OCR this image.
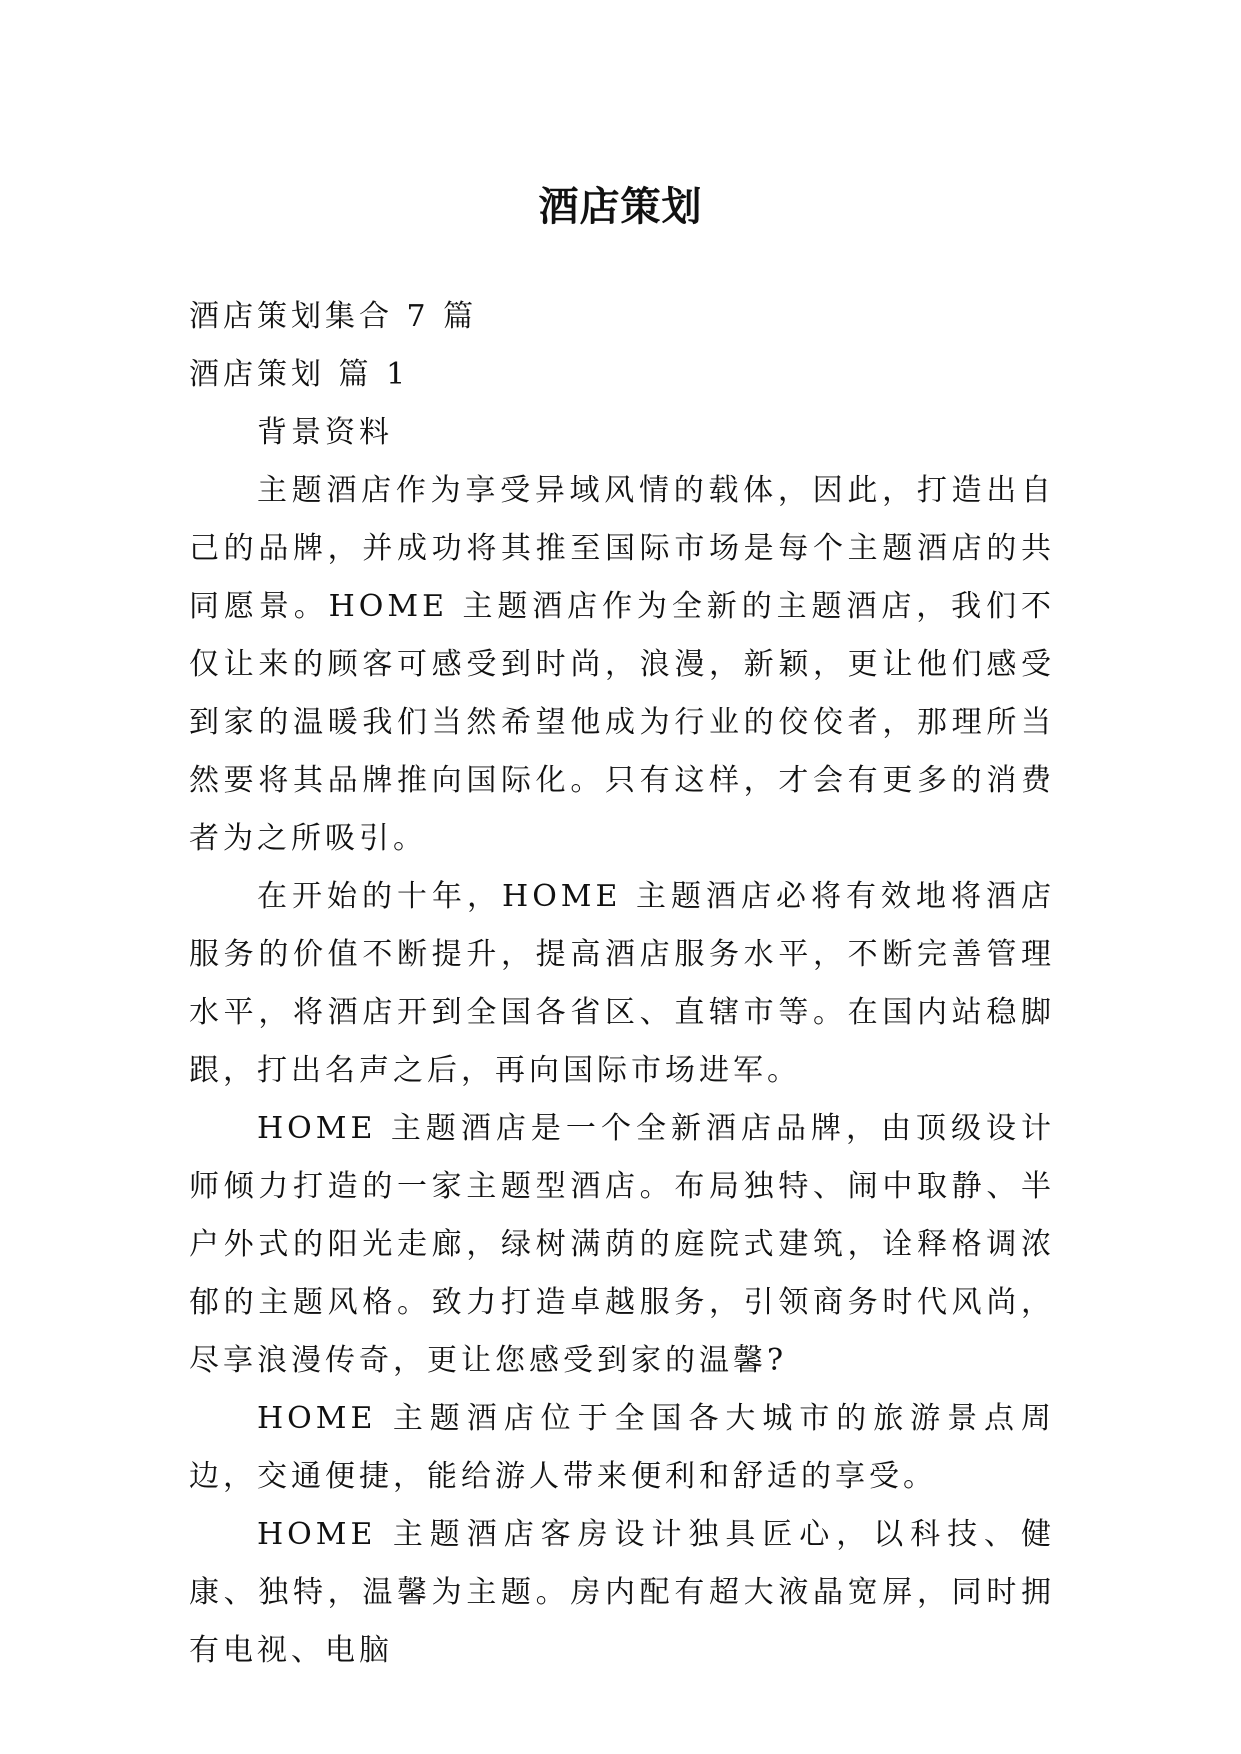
酒店策划

酒店策划集合 7 篇

酒店策划 篇 1

背景资料

主题酒店作为享受异域风情的载体，因此，打造出自己的品牌，并成功将其推至国际市场是每个主题酒店的共同愿景。HOME 主题酒店作为全新的主题酒店，我们不仅让来的顾客可感受到时尚，浪漫，新颖，更让他们感受到家的温暖我们当然希望他成为行业的佼佼者，那理所当然要将其品牌推向国际化。只有这样，才会有更多的消费者为之所吸引。

在开始的十年，HOME 主题酒店必将有效地将酒店服务的价值不断提升，提高酒店服务水平，不断完善管理水平，将酒店开到全国各省区、直辖市等。在国内站稳脚跟，打出名声之后，再向国际市场进军。

HOME 主题酒店是一个全新酒店品牌，由顶级设计师倾力打造的一家主题型酒店。布局独特、闹中取静、半户外式的阳光走廊，绿树满荫的庭院式建筑，诠释格调浓郁的主题风格。致力打造卓越服务，引领商务时代风尚，尽享浪漫传奇，更让您感受到家的温馨?

HOME 主题酒店位于全国各大城市的旅游景点周边，交通便捷，能给游人带来便利和舒适的享受。

HOME 主题酒店客房设计独具匠心，以科技、健康、独特，温馨为主题。房内配有超大液晶宽屏，同时拥有电视、电脑
